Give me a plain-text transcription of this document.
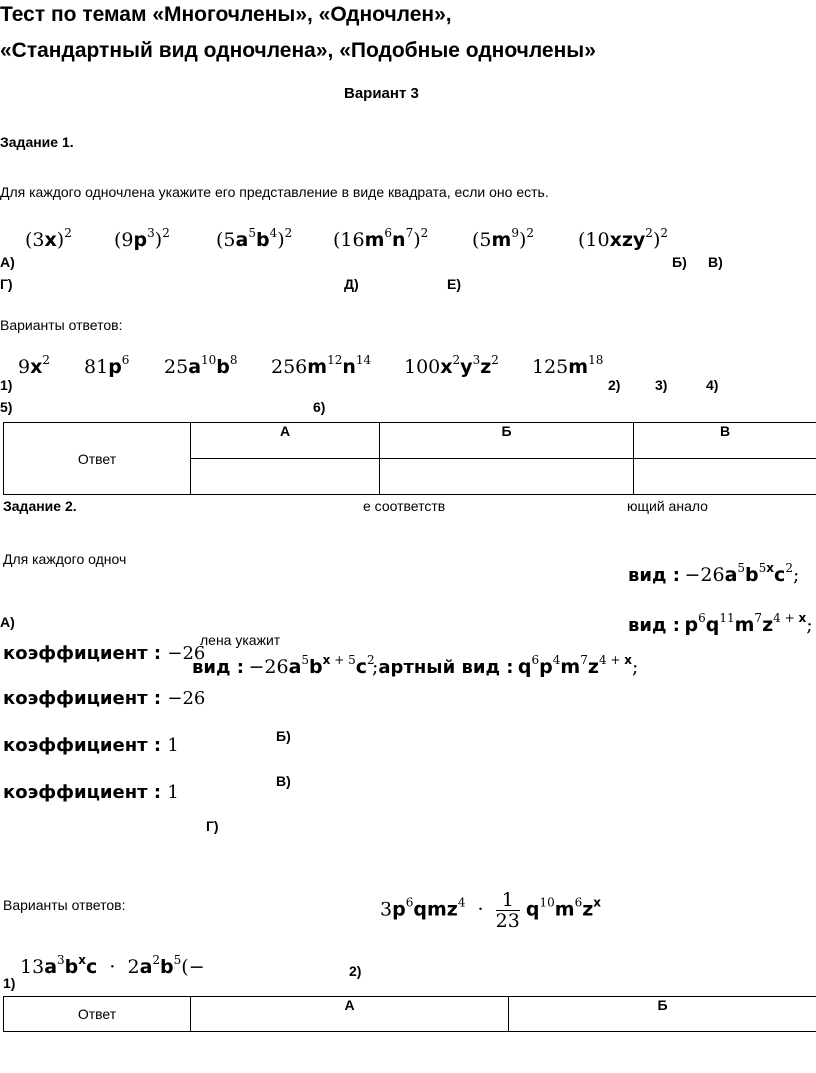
Тест по темам «Многочлены», «Одночлен»,
«Стандартный вид одночлена», «Подобные одночлены»
Вариант 3
Задание 1.
Для каждого одночлена укажите его представление в виде квадрата, если оно есть.
$(3x)^2$ $(9p^3)^2$ $(5a^5b^4)^2$ $(16m^6n^7)^2$ $(5m^9)^2$ $(10xzy^2)^2$
А)	Б) В)
Г)	Д)	Е)
Варианты ответов:
$9x^2$ $81p^6$ $25a^{10}b^8$ $256m^{12}n^{14}$ $100x^2y^3z^2$ $125m^{18}$
1)	2) 3)	4)
5)	6)
Ответ	А	Б	В

Задание 2.	е соответств	ющий анало
Для каждого одноч
вид : $-26a^5b^{5x}c^2$;
вид : $p^6q^{11}m^7z^{4 + x}$;
А)
коэффициент : −26
лена укажит
вид : $-26a^5b^{x + 5}c^2$
;артный вид : $q^6p^4m^7z^{4 + x}$;
коэффициент : −26
коэффициент : 1	Б)
В)
коэффициент : 1
Г)
Варианты ответов:	$3p^6qmz^4 \cdot \frac{1}{23} q^{10}m^6z^x$
$13a^3b^xc \cdot 2a^2b^5(-$	2)
1)
Ответ	А	Б
